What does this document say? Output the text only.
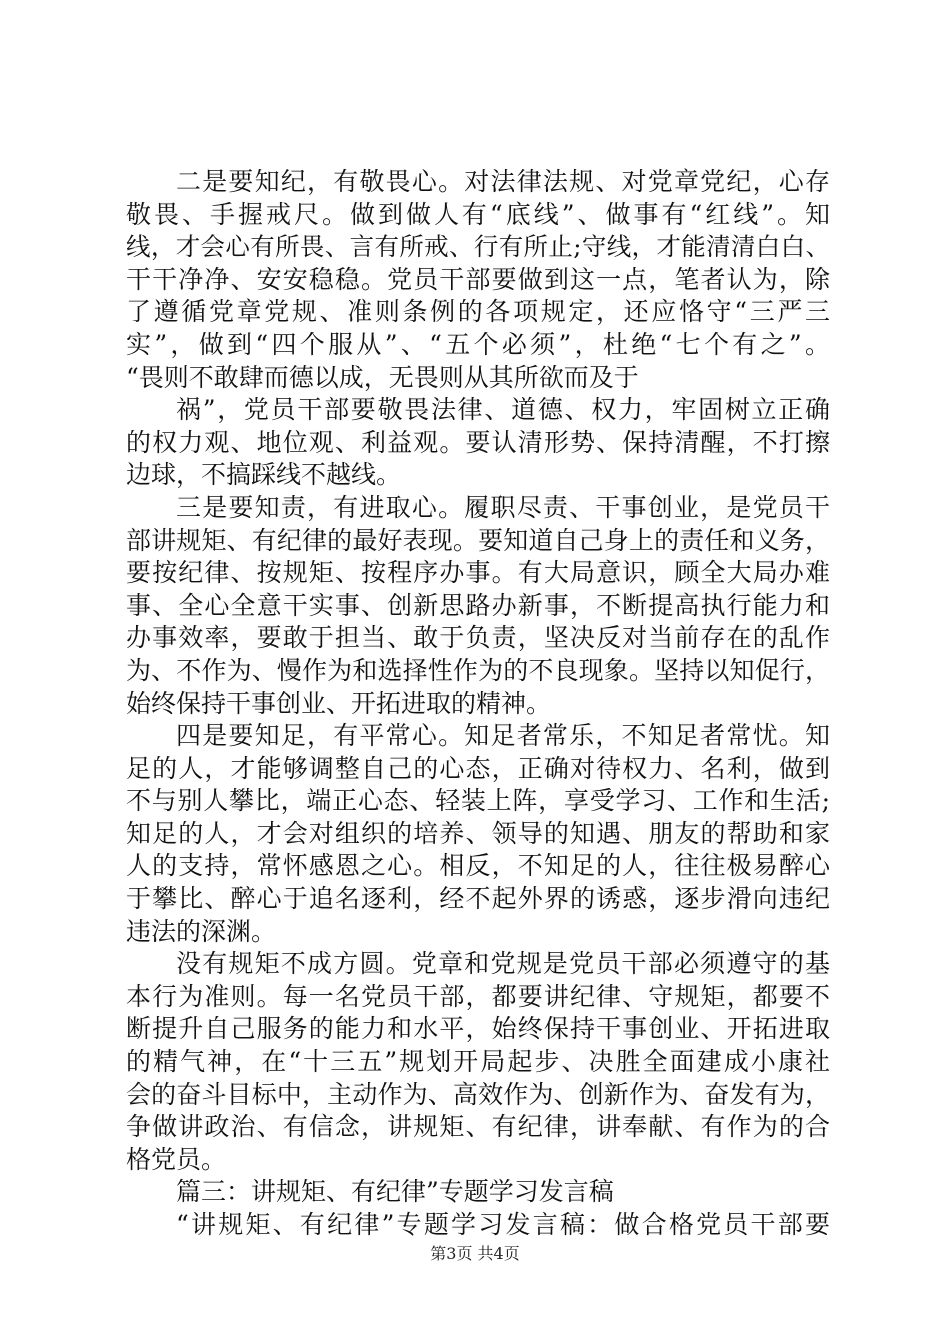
二是要知纪，有敬畏心。对法律法规、对党章党纪，心存
敬畏、手握戒尺。做到做人有“底线”、做事有“红线”。知
线，才会心有所畏、言有所戒、行有所止;守线，才能清清白白、
干干净净、安安稳稳。党员干部要做到这一点，笔者认为，除
了遵循党章党规、准则条例的各项规定，还应恪守“三严三
实”，做到“四个服从”、“五个必须”，杜绝“七个有之”。
“畏则不敢肆而德以成，无畏则从其所欲而及于
祸”，党员干部要敬畏法律、道德、权力，牢固树立正确
的权力观、地位观、利益观。要认清形势、保持清醒，不打擦
边球，不搞踩线不越线。
三是要知责，有进取心。履职尽责、干事创业，是党员干
部讲规矩、有纪律的最好表现。要知道自己身上的责任和义务，
要按纪律、按规矩、按程序办事。有大局意识，顾全大局办难
事、全心全意干实事、创新思路办新事，不断提高执行能力和
办事效率，要敢于担当、敢于负责，坚决反对当前存在的乱作
为、不作为、慢作为和选择性作为的不良现象。坚持以知促行，
始终保持干事创业、开拓进取的精神。
四是要知足，有平常心。知足者常乐，不知足者常忧。知
足的人，才能够调整自己的心态，正确对待权力、名利，做到
不与别人攀比，端正心态、轻装上阵，享受学习、工作和生活;
知足的人，才会对组织的培养、领导的知遇、朋友的帮助和家
人的支持，常怀感恩之心。相反，不知足的人，往往极易醉心
于攀比、醉心于追名逐利，经不起外界的诱惑，逐步滑向违纪
违法的深渊。
没有规矩不成方圆。党章和党规是党员干部必须遵守的基
本行为准则。每一名党员干部，都要讲纪律、守规矩，都要不
断提升自己服务的能力和水平，始终保持干事创业、开拓进取
的精气神，在“十三五”规划开局起步、决胜全面建成小康社
会的奋斗目标中，主动作为、高效作为、创新作为、奋发有为，
争做讲政治、有信念，讲规矩、有纪律，讲奉献、有作为的合
格党员。
篇三：讲规矩、有纪律”专题学习发言稿
“讲规矩、有纪律”专题学习发言稿：做合格党员干部要
第3页 共4页
